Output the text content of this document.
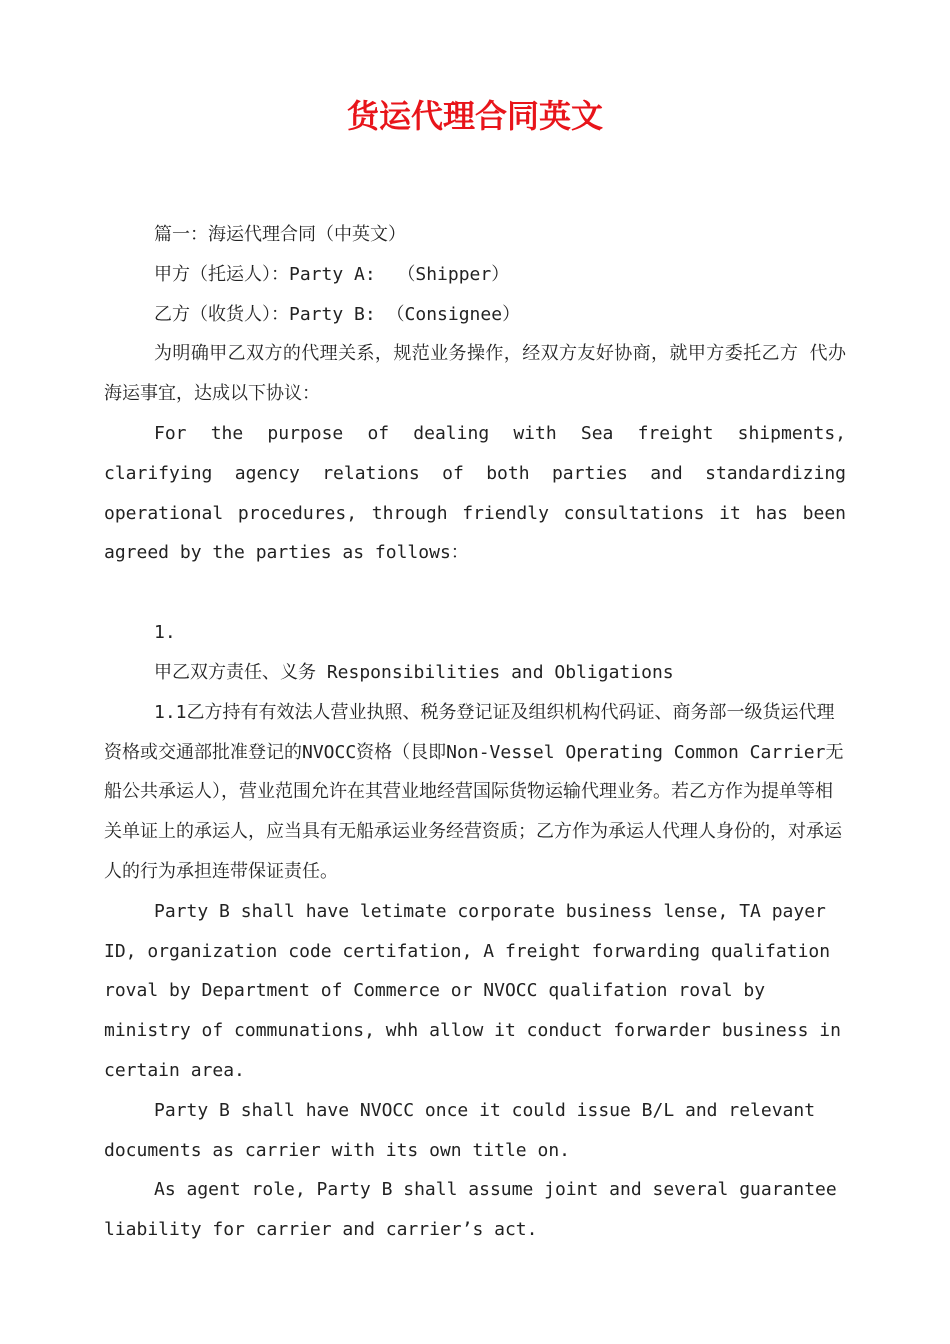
货运代理合同英文

篇一：海运代理合同（中英文）

甲方（托运人）：Party A:  （Shipper）

乙方（收货人）：Party B: （Consignee）

为明确甲乙双方的代理关系，规范业务操作，经双方友好协商，就甲方委托乙方 代办海运事宜，达成以下协议：

For the purpose of dealing with Sea freight shipments, clarifying agency relations of both parties and standardizing operational procedures, through friendly consultations it has been agreed by the parties as follows：

1.

甲乙双方责任、义务 Responsibilities and Obligations

1.1乙方持有有效法人营业执照、税务登记证及组织机构代码证、商务部一级货运代理资格或交通部批准登记的NVOCC资格（艮即Non-Vessel Operating Common Carrier无船公共承运人），营业范围允许在其营业地经营国际货物运输代理业务。若乙方作为提单等相关单证上的承运人，应当具有无船承运业务经营资质；乙方作为承运人代理人身份的，对承运人的行为承担连带保证责任。

Party B shall have letimate corporate business lense, TA payer ID, organization code certifation, A freight forwarding qualifation roval by Department of Commerce or NVOCC qualifation roval by ministry of communations, whh allow it conduct forwarder business in certain area.

Party B shall have NVOCC once it could issue B/L and relevant documents as carrier with its own title on.

As agent role, Party B shall assume joint and several guarantee liability for carrier and carrier’s act.
